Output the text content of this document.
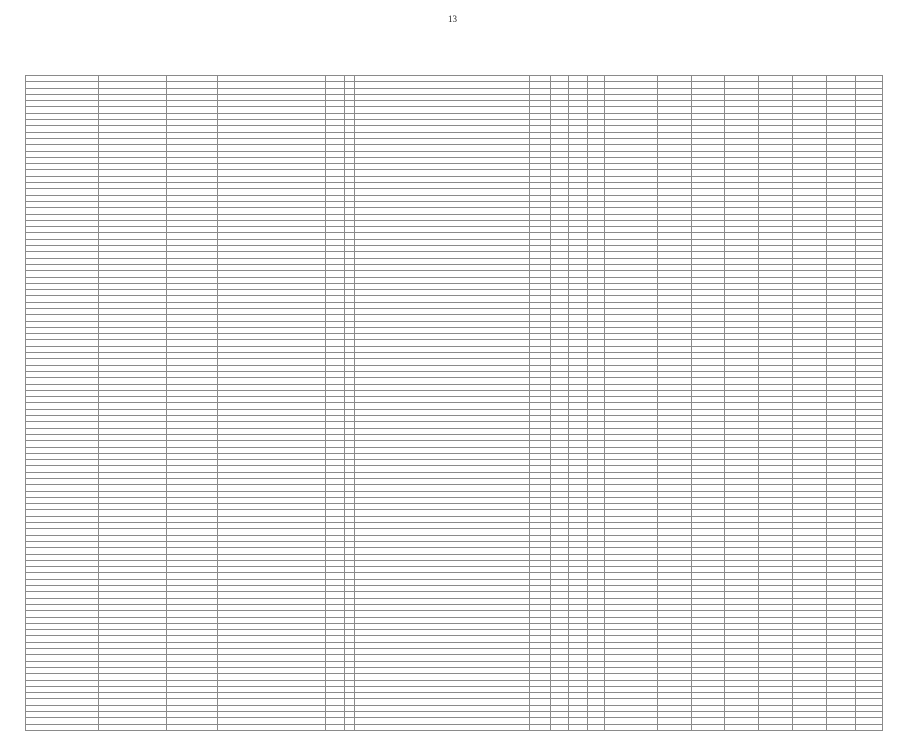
13
